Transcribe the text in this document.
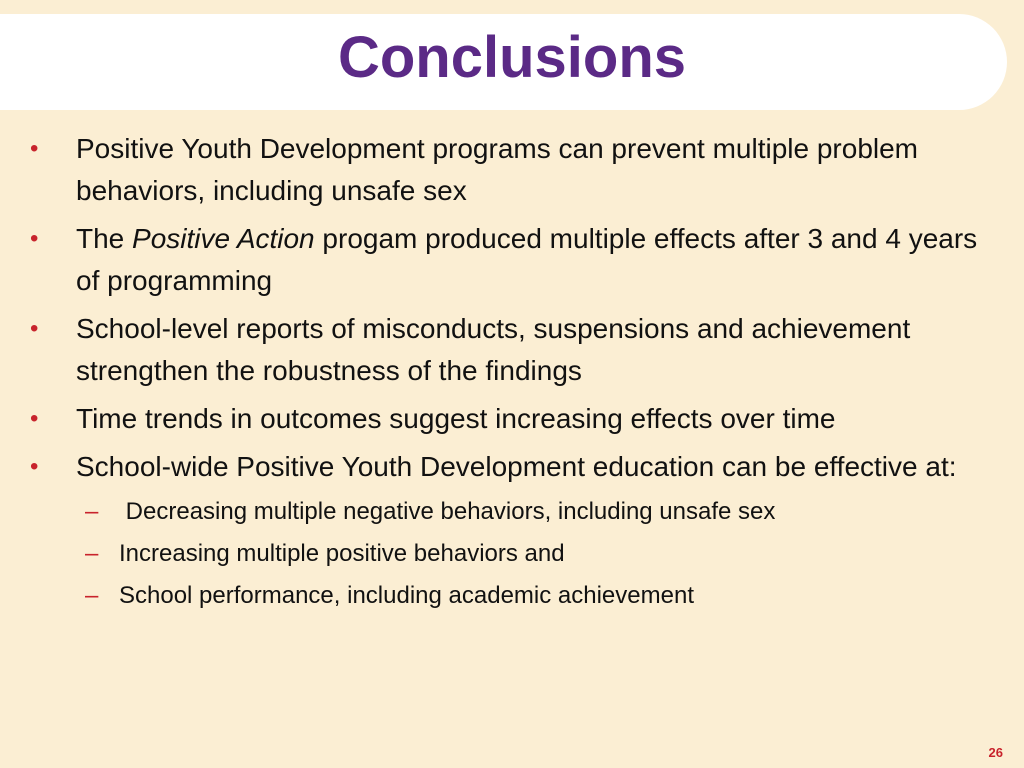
Conclusions
•	Positive Youth Development programs can prevent multiple problem behaviors, including unsafe sex
•	The Positive Action progam produced multiple effects after 3 and 4 years of programming
•	School-level reports of misconducts, suspensions and achievement strengthen the robustness of the findings
•	Time trends in outcomes suggest increasing effects over time
•	School-wide Positive Youth Development education can be effective at:
– Decreasing multiple negative behaviors, including unsafe sex
– Increasing multiple positive behaviors and
– School performance, including academic achievement
26
